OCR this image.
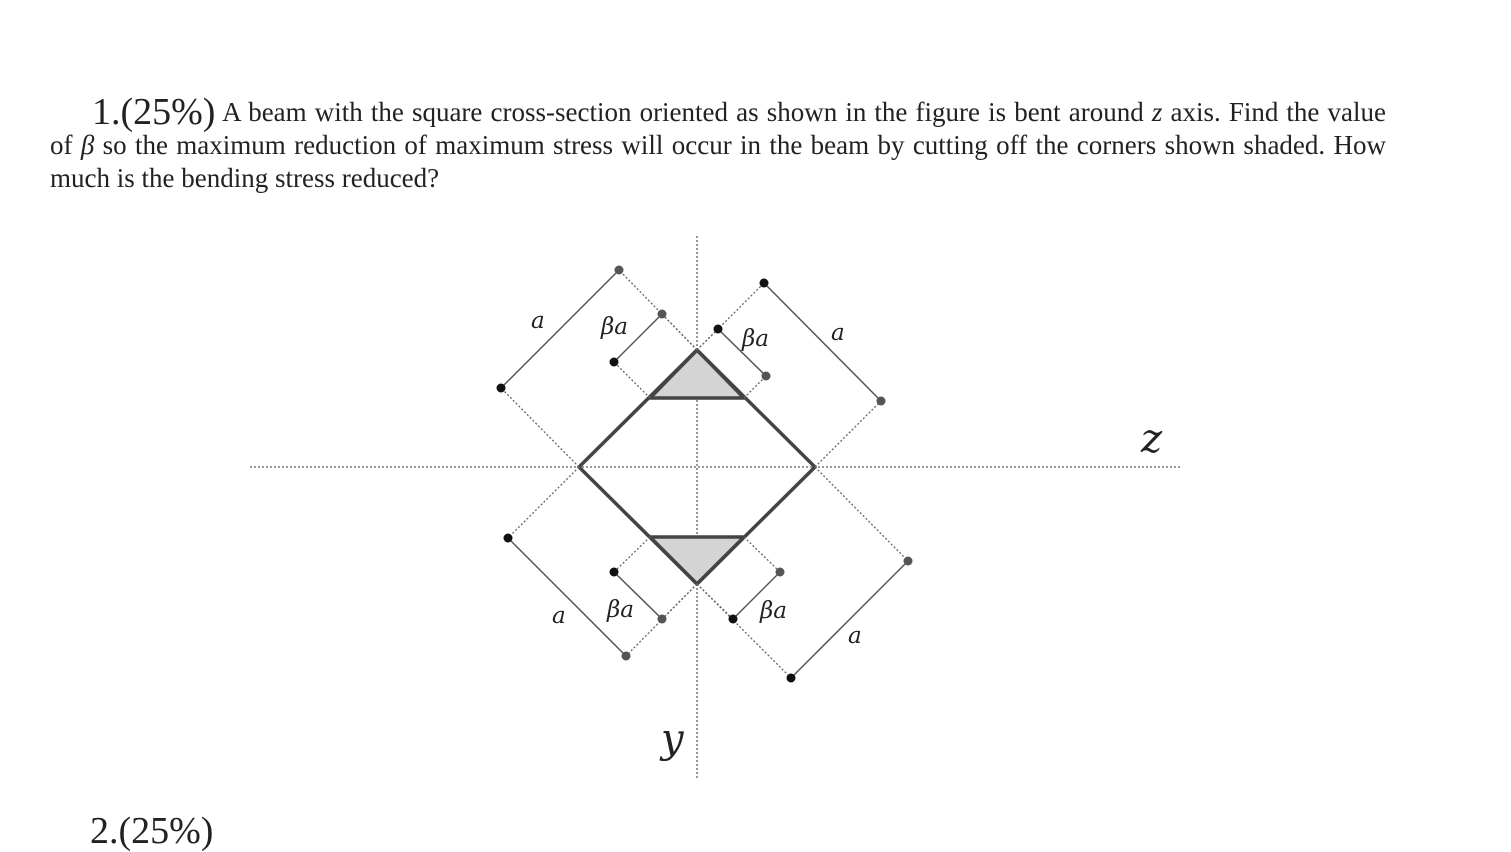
1.(25%) A beam with the square cross-section oriented as shown in the figure is bent around z axis. Find the value of β so the maximum reduction of maximum stress will occur in the beam by cutting off the corners shown shaded. How much is the bending stress reduced?
a βa	βa	a
a βa	βa
a
z
y
2.(25%)
